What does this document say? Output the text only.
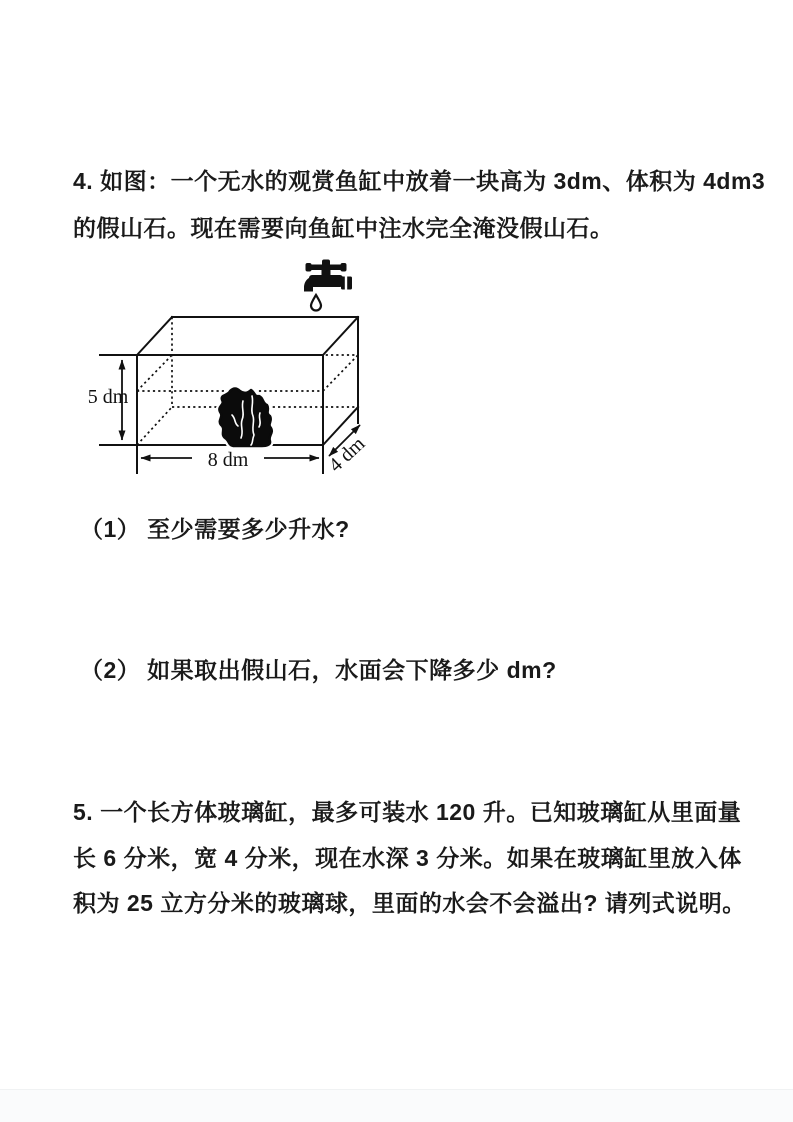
4. 如图：一个无水的观赏鱼缸中放着一块高为 3dm、体积为 4dm3
的假山石。现在需要向鱼缸中注水完全淹没假山石。
5 dm
8 dm	4 dm
（1） 至少需要多少升水?
（2） 如果取出假山石，水面会下降多少 dm?
5. 一个长方体玻璃缸，最多可装水 120 升。已知玻璃缸从里面量
长 6 分米，宽 4 分米，现在水深 3 分米。如果在玻璃缸里放入体
积为 25 立方分米的玻璃球，里面的水会不会溢出? 请列式说明。
